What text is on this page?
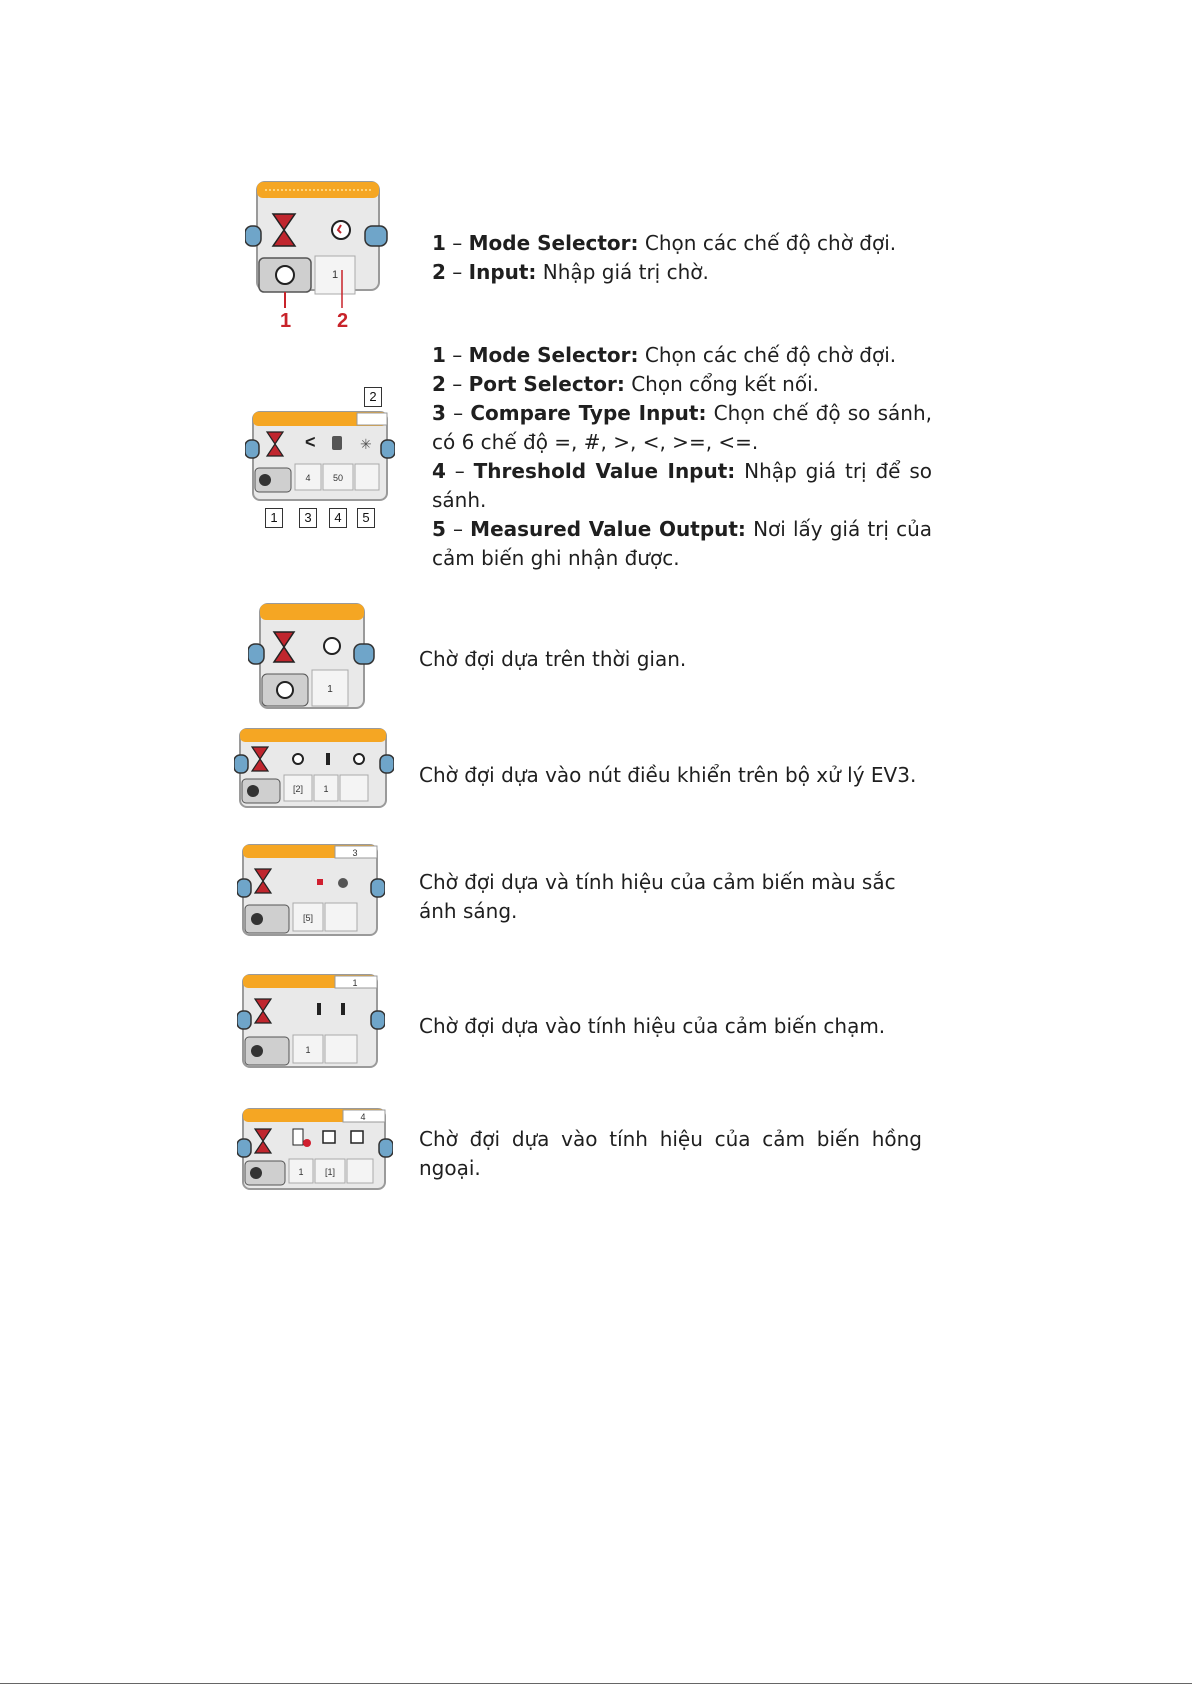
1
1 2

1 – Mode Selector: Chọn các chế độ chờ đợi.

2 – Input: Nhập giá trị chờ.

2
<	✳
4 50
1	3	4	5

1 – Mode Selector: Chọn các chế độ chờ đợi.

2 – Port Selector: Chọn cổng kết nối.

3 – Compare Type Input: Chọn chế độ so sánh, có 6 chế độ =, #, >, <, >=, <=.

4 – Threshold Value Input: Nhập giá trị để so sánh.

5 – Measured Value Output: Nơi lấy giá trị của cảm biến ghi nhận được.

1
Chờ đợi dựa trên thời gian.
[2] 1
Chờ đợi dựa vào nút điều khiển trên bộ xử lý EV3.
3
[5]
Chờ đợi dựa và tính hiệu của cảm biến màu sắc ánh sáng.
1
1
Chờ đợi dựa vào tính hiệu của cảm biến chạm.
4
1 [1]
Chờ đợi dựa vào tính hiệu của cảm biến hồng ngoại.
